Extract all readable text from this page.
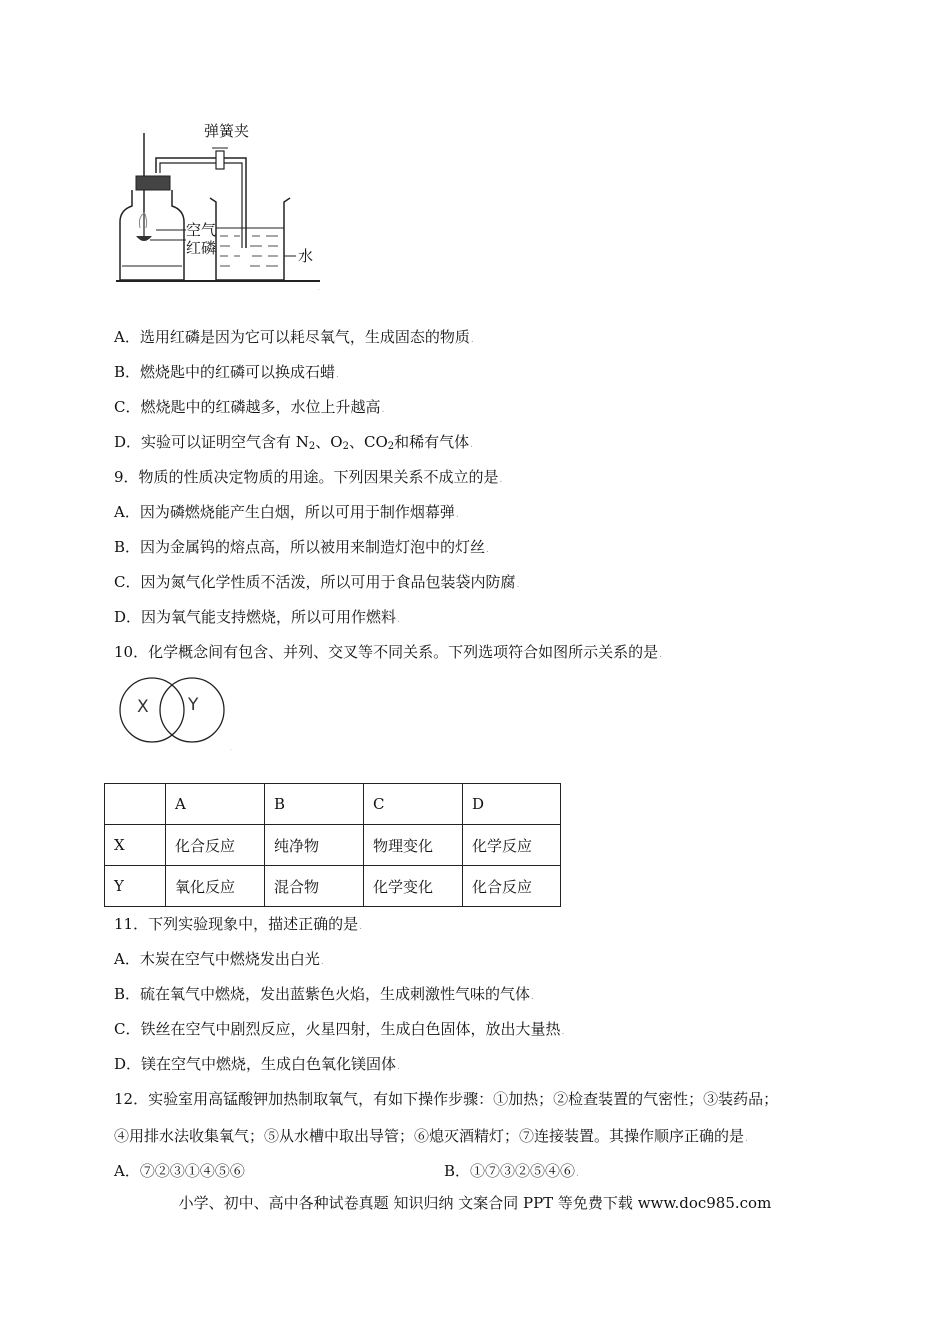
弹簧夹
空气
红磷	水
.
A．选用红磷是因为它可以耗尽氧气，生成固态的物质.
B．燃烧匙中的红磷可以换成石蜡.
C．燃烧匙中的红磷越多，水位上升越高.
D．实验可以证明空气含有 $N_2$、$O_2$、$CO_2$和稀有气体.
9．物质的性质决定物质的用途。下列因果关系不成立的是.
A．因为磷燃烧能产生白烟，所以可用于制作烟幕弹.
B．因为金属钨的熔点高，所以被用来制造灯泡中的灯丝.
C．因为氮气化学性质不活泼，所以可用于食品包装袋内防腐.
D．因为氧气能支持燃烧，所以可用作燃料.
10．化学概念间有包含、并列、交叉等不同关系。下列选项符合如图所示关系的是.
X Y
.
	A	B	C	D
X	化合反应	纯净物	物理变化	化学反应
Y	氧化反应	混合物	化学变化	化合反应
11．下列实验现象中，描述正确的是.
A．木炭在空气中燃烧发出白光.
B．硫在氧气中燃烧，发出蓝紫色火焰，生成刺激性气味的气体.
C．铁丝在空气中剧烈反应，火星四射，生成白色固体，放出大量热.
D．镁在空气中燃烧，生成白色氧化镁固体.
12．实验室用高锰酸钾加热制取氧气，有如下操作步骤：①加热；②检查装置的气密性；③装药品；
④用排水法收集氧气；⑤从水槽中取出导管；⑥熄灭酒精灯；⑦连接装置。其操作顺序正确的是.
A．⑦②③①④⑤⑥	B．①⑦③②⑤④⑥.
小学、初中、高中各种试卷真题 知识归纳 文案合同 PPT 等免费下载 www.doc985.com
